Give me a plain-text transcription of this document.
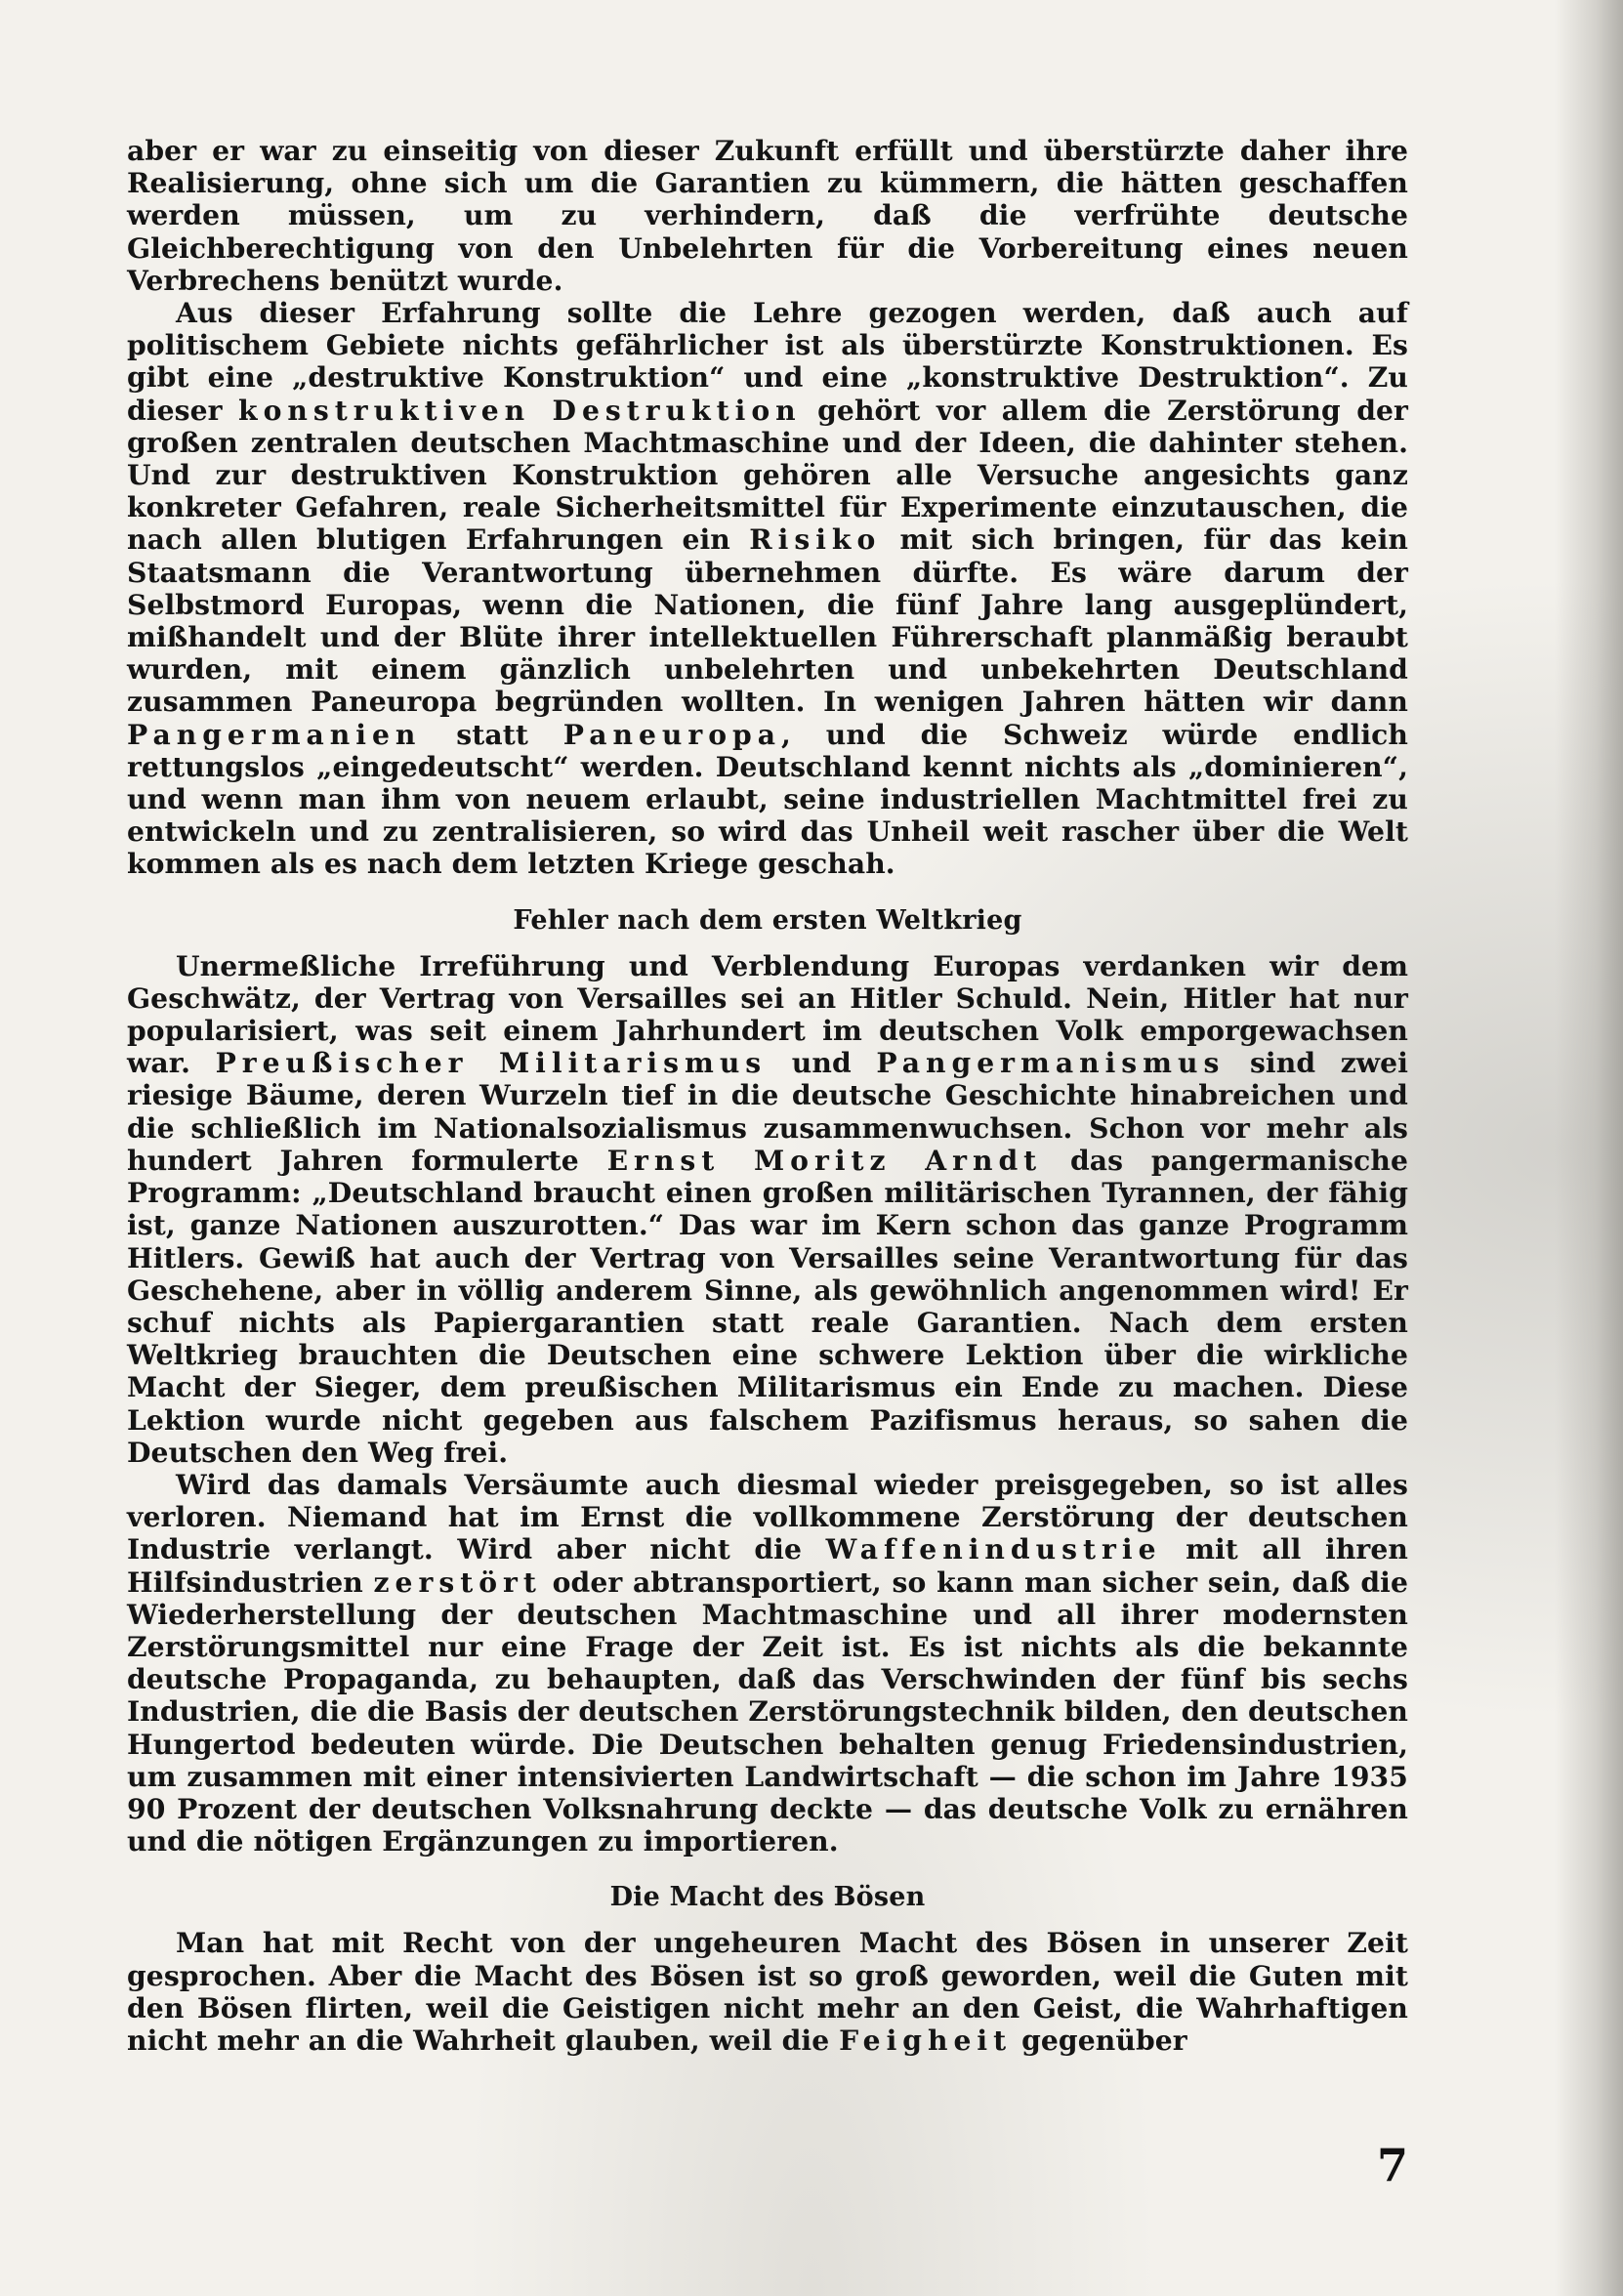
aber er war zu einseitig von dieser Zukunft erfüllt und überstürzte daher ihre Realisierung, ohne sich um die Garantien zu kümmern, die hätten geschaffen werden müssen, um zu verhindern, daß die verfrühte deutsche Gleichberechtigung von den Unbelehrten für die Vorbereitung eines neuen Verbrechens benützt wurde.

Aus dieser Erfahrung sollte die Lehre gezogen werden, daß auch auf politischem Gebiete nichts gefährlicher ist als überstürzte Konstruktionen. Es gibt eine „destruktive Konstruktion“ und eine „konstruktive Destruktion“. Zu dieser konstruktiven Destruktion gehört vor allem die Zerstörung der großen zentralen deutschen Machtmaschine und der Ideen, die dahinter stehen. Und zur destruktiven Konstruktion gehören alle Versuche angesichts ganz konkreter Gefahren, reale Sicherheitsmittel für Experimente einzutauschen, die nach allen blutigen Erfahrungen ein Risiko mit sich bringen, für das kein Staatsmann die Verantwortung übernehmen dürfte. Es wäre darum der Selbstmord Europas, wenn die Nationen, die fünf Jahre lang ausgeplündert, mißhandelt und der Blüte ihrer intellektuellen Führerschaft planmäßig beraubt wurden, mit einem gänzlich unbelehrten und unbekehrten Deutschland zusammen Paneuropa begründen wollten. In wenigen Jahren hätten wir dann Pangermanien statt Paneuropa, und die Schweiz würde endlich rettungslos „eingedeutscht“ werden. Deutschland kennt nichts als „dominieren“, und wenn man ihm von neuem erlaubt, seine industriellen Machtmittel frei zu entwickeln und zu zentralisieren, so wird das Unheil weit rascher über die Welt kommen als es nach dem letzten Kriege geschah.

Fehler nach dem ersten Weltkrieg

Unermeßliche Irreführung und Verblendung Europas verdanken wir dem Geschwätz, der Vertrag von Versailles sei an Hitler Schuld. Nein, Hitler hat nur popularisiert, was seit einem Jahrhundert im deutschen Volk emporgewachsen war. Preußischer Militarismus und Pangermanismus sind zwei riesige Bäume, deren Wurzeln tief in die deutsche Geschichte hinabreichen und die schließlich im Nationalsozialismus zusammenwuchsen. Schon vor mehr als hundert Jahren formulerte Ernst Moritz Arndt das pangermanische Programm: „Deutschland braucht einen großen militärischen Tyrannen, der fähig ist, ganze Nationen auszurotten.“ Das war im Kern schon das ganze Programm Hitlers. Gewiß hat auch der Vertrag von Versailles seine Verantwortung für das Geschehene, aber in völlig anderem Sinne, als gewöhnlich angenommen wird! Er schuf nichts als Papiergarantien statt reale Garantien. Nach dem ersten Weltkrieg brauchten die Deutschen eine schwere Lektion über die wirkliche Macht der Sieger, dem preußischen Militarismus ein Ende zu machen. Diese Lektion wurde nicht gegeben aus falschem Pazifismus heraus, so sahen die Deutschen den Weg frei.

Wird das damals Versäumte auch diesmal wieder preisgegeben, so ist alles verloren. Niemand hat im Ernst die vollkommene Zerstörung der deutschen Industrie verlangt. Wird aber nicht die Waffenindustrie mit all ihren Hilfsindustrien zerstört oder abtransportiert, so kann man sicher sein, daß die Wiederherstellung der deutschen Machtmaschine und all ihrer modernsten Zerstörungsmittel nur eine Frage der Zeit ist. Es ist nichts als die bekannte deutsche Propaganda, zu behaupten, daß das Verschwinden der fünf bis sechs Industrien, die die Basis der deutschen Zerstörungstechnik bilden, den deutschen Hungertod bedeuten würde. Die Deutschen behalten genug Friedensindustrien, um zusammen mit einer intensivierten Landwirtschaft — die schon im Jahre 1935 90 Prozent der deutschen Volksnahrung deckte — das deutsche Volk zu ernähren und die nötigen Ergänzungen zu importieren.

Die Macht des Bösen

Man hat mit Recht von der ungeheuren Macht des Bösen in unserer Zeit gesprochen. Aber die Macht des Bösen ist so groß geworden, weil die Guten mit den Bösen flirten, weil die Geistigen nicht mehr an den Geist, die Wahrhaftigen nicht mehr an die Wahrheit glauben, weil die Feigheit gegenüber

7
